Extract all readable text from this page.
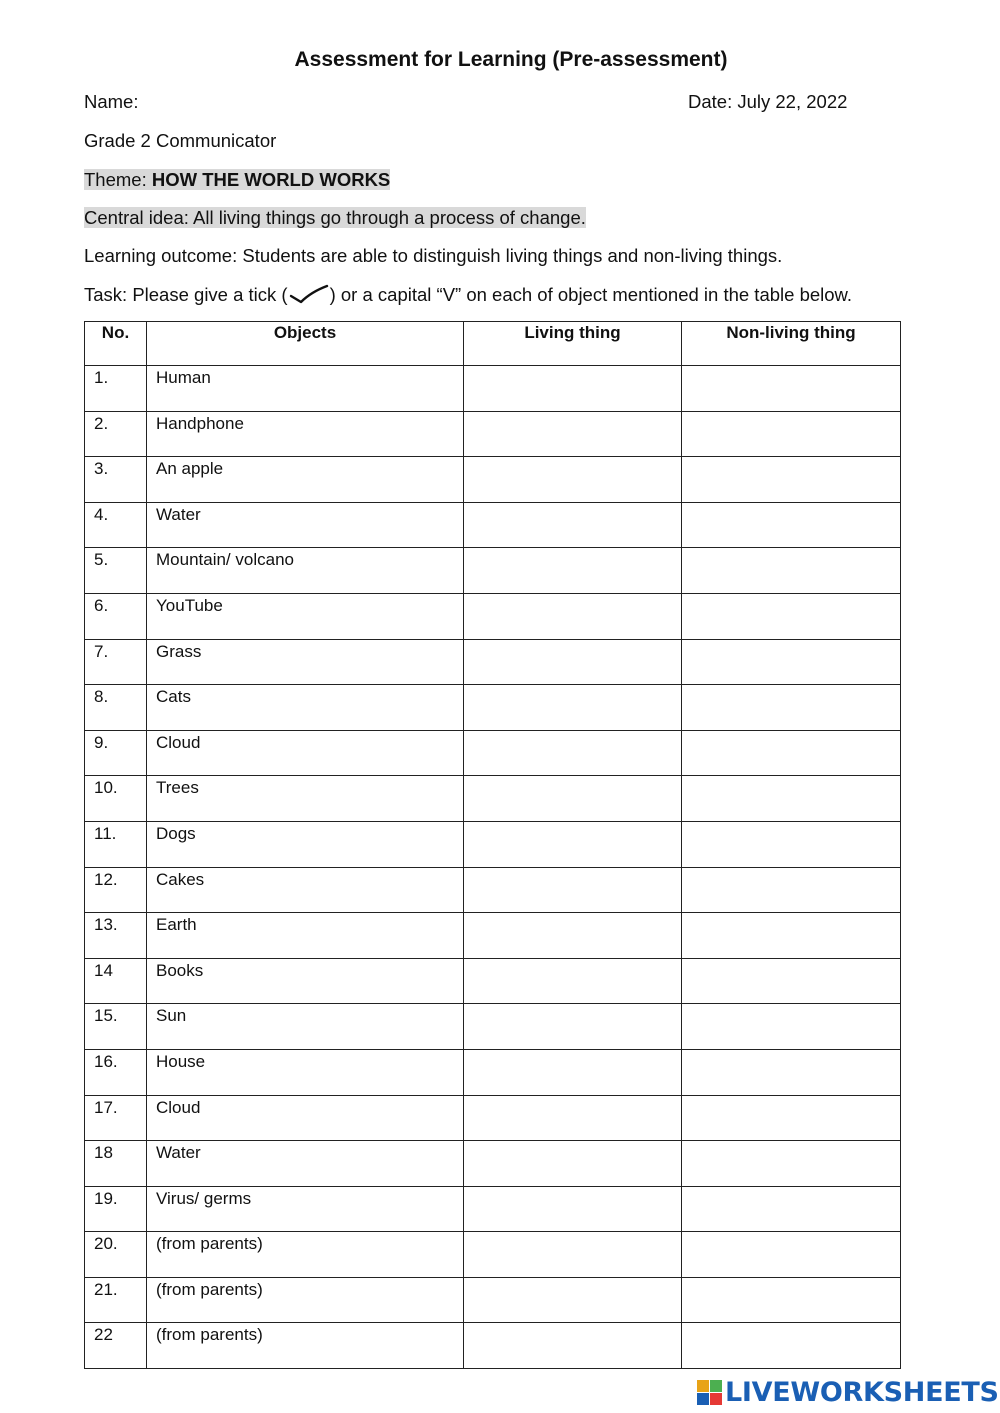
Assessment for Learning (Pre-assessment)
Name:	Date: July 22, 2022
Grade 2 Communicator
Theme: HOW THE WORLD WORKS
Central idea: All living things go through a process of change.
Learning outcome: Students are able to distinguish living things and non-living things.
Task: Please give a tick ( ) or a capital “V” on each of object mentioned in the table below.
No.	Objects	Living thing	Non-living thing
1.	Human		
2.	Handphone		
3.	An apple		
4.	Water		
5.	Mountain/ volcano		
6.	YouTube		
7.	Grass		
8.	Cats		
9.	Cloud		
10.	Trees		
11.	Dogs		
12.	Cakes		
13.	Earth		
14	Books		
15.	Sun		
16.	House		
17.	Cloud		
18	Water		
19.	Virus/ germs		
20.	(from parents)		
21.	(from parents)		
22	(from parents)		
LIVEWORKSHEETS
